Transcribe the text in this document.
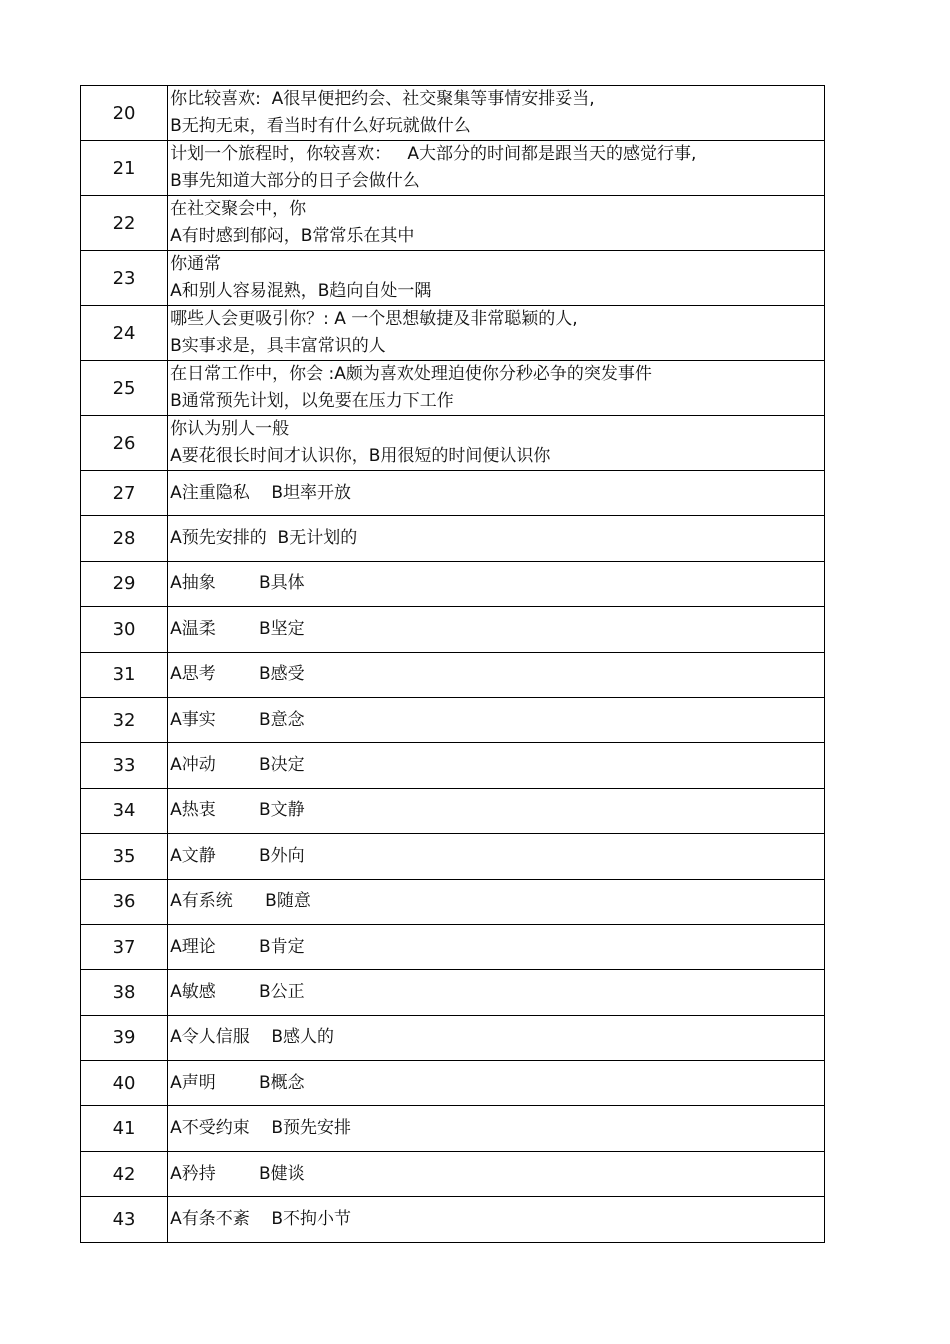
20	你比较喜欢:  A很早便把约会、社交聚集等事情安排妥当,
B无拘无束，看当时有什么好玩就做什么

21	计划一个旅程时，你较喜欢：   A大部分的时间都是跟当天的感觉行事,
B事先知道大部分的日子会做什么

22	在社交聚会中，你
A有时感到郁闷，B常常乐在其中

23	你通常
A和别人容易混熟，B趋向自处一隅

24	哪些人会更吸引你？: A 一个思想敏捷及非常聪颖的人,
B实事求是，具丰富常识的人

25	在日常工作中，你会 :A颇为喜欢处理迫使你分秒必争的突发事件
B通常预先计划，以免要在压力下工作

26	你认为别人一般
A要花很长时间才认识你，B用很短的时间便认识你

27	A注重隐私    B坦率开放

28	A预先安排的  B无计划的

29	A抽象        B具体

30	A温柔        B坚定

31	A思考        B感受

32	A事实        B意念

33	A冲动        B决定

34	A热衷        B文静

35	A文静        B外向

36	A有系统      B随意

37	A理论        B肯定

38	A敏感        B公正

39	A令人信服    B感人的

40	A声明        B概念

41	A不受约束    B预先安排

42	A矜持        B健谈

43	A有条不紊    B不拘小节
